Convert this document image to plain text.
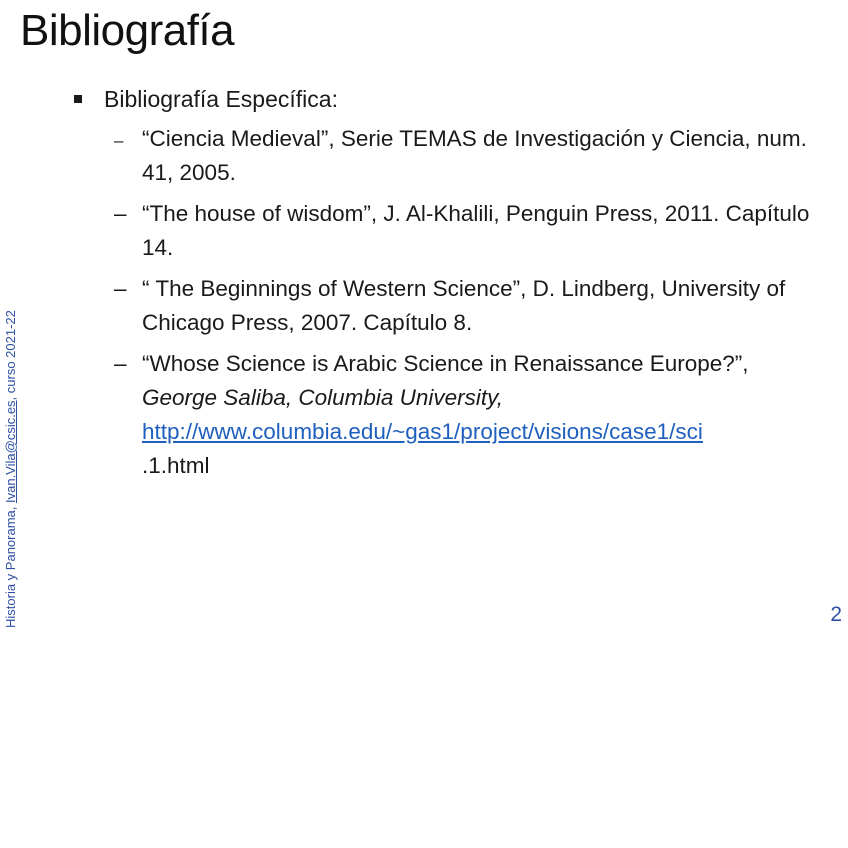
Bibliografía
Bibliografía Específica:
– “Ciencia Medieval”, Serie TEMAS de Investigación y Ciencia, num. 41, 2005.
– “The house of wisdom”, J. Al-Khalili, Penguin Press, 2011. Capítulo 14.
– “ The Beginnings of Western Science”, D. Lindberg, University of Chicago Press, 2007. Capítulo 8.
– “Whose Science is Arabic Science in Renaissance Europe?”, George Saliba, Columbia University,
http://www.columbia.edu/~gas1/project/visions/case1/sci
.1.html
Historia y Panorama, Ivan.Vila@csic.es, curso 2021-22
2
